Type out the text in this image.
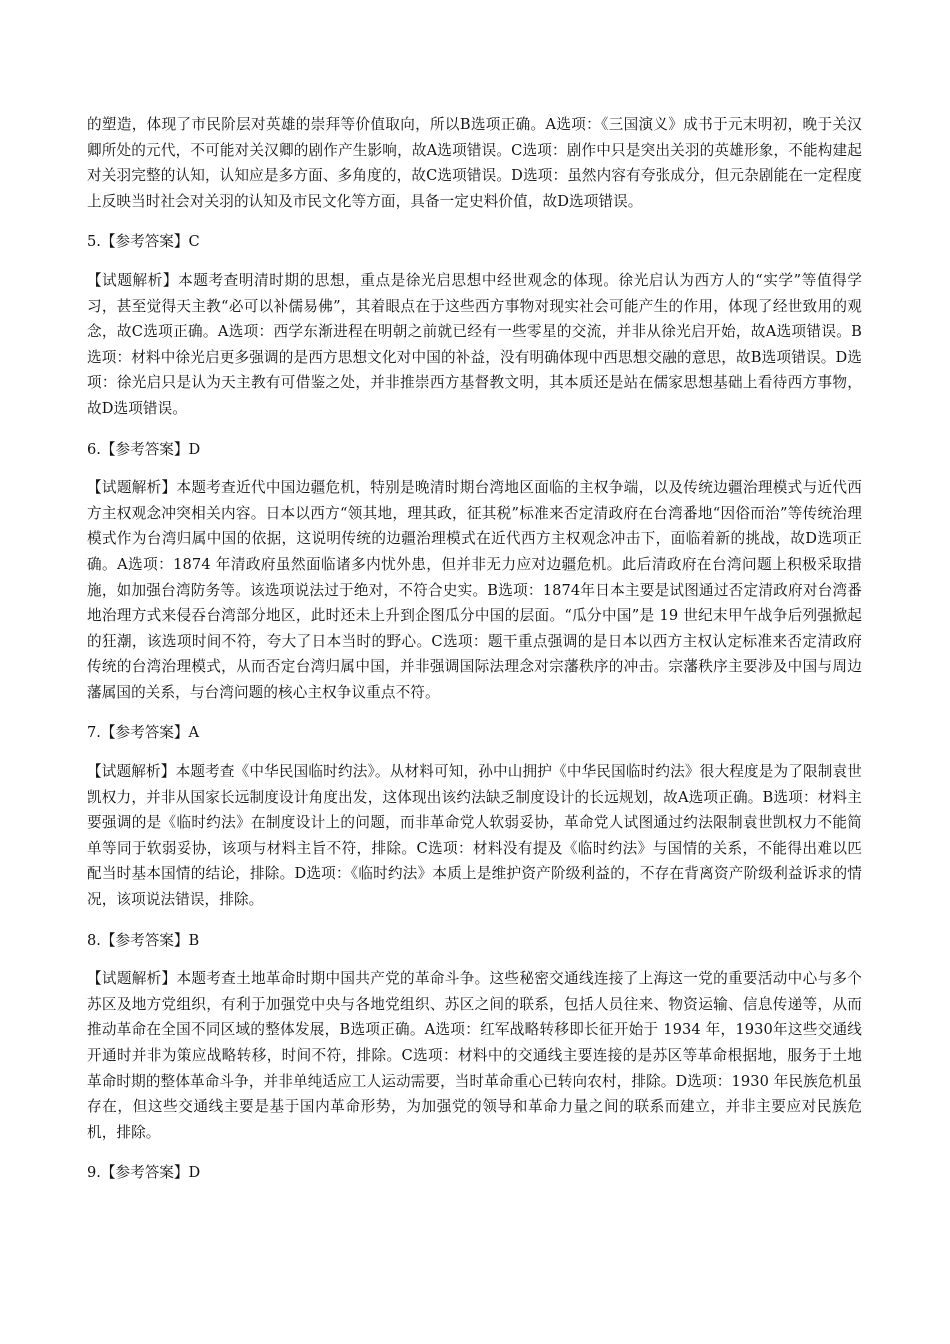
的塑造，体现了市民阶层对英雄的崇拜等价值取向，所以B选项正确。A选项：《三国演义》成书于元末明初，晚于关汉卿所处的元代，不可能对关汉卿的剧作产生影响，故A选项错误。C选项：剧作中只是突出关羽的英雄形象，不能构建起对关羽完整的认知，认知应是多方面、多角度的，故C选项错误。D选项：虽然内容有夸张成分，但元杂剧能在一定程度上反映当时社会对关羽的认知及市民文化等方面，具备一定史料价值，故D选项错误。

5.【参考答案】C

【试题解析】本题考查明清时期的思想，重点是徐光启思想中经世观念的体现。徐光启认为西方人的“实学”等值得学习，甚至觉得天主教“必可以补儒易佛”，其着眼点在于这些西方事物对现实社会可能产生的作用，体现了经世致用的观念，故C选项正确。A选项：西学东渐进程在明朝之前就已经有一些零星的交流，并非从徐光启开始，故A选项错误。B选项：材料中徐光启更多强调的是西方思想文化对中国的补益，没有明确体现中西思想交融的意思，故B选项错误。D选项：徐光启只是认为天主教有可借鉴之处，并非推崇西方基督教文明，其本质还是站在儒家思想基础上看待西方事物，故D选项错误。

6.【参考答案】D

【试题解析】本题考查近代中国边疆危机，特别是晚清时期台湾地区面临的主权争端，以及传统边疆治理模式与近代西方主权观念冲突相关内容。日本以西方“领其地，理其政，征其税”标准来否定清政府在台湾番地“因俗而治”等传统治理模式作为台湾归属中国的依据，这说明传统的边疆治理模式在近代西方主权观念冲击下，面临着新的挑战，故D选项正确。A选项：1874 年清政府虽然面临诸多内忧外患，但并非无力应对边疆危机。此后清政府在台湾问题上积极采取措施，如加强台湾防务等。该选项说法过于绝对，不符合史实。B选项：1874年日本主要是试图通过否定清政府对台湾番地治理方式来侵吞台湾部分地区，此时还未上升到企图瓜分中国的层面。“瓜分中国”是 19 世纪末甲午战争后列强掀起的狂潮，该选项时间不符，夸大了日本当时的野心。C选项：题干重点强调的是日本以西方主权认定标准来否定清政府传统的台湾治理模式，从而否定台湾归属中国，并非强调国际法理念对宗藩秩序的冲击。宗藩秩序主要涉及中国与周边藩属国的关系，与台湾问题的核心主权争议重点不符。

7.【参考答案】A

【试题解析】本题考查《中华民国临时约法》。从材料可知，孙中山拥护《中华民国临时约法》很大程度是为了限制袁世凯权力，并非从国家长远制度设计角度出发，这体现出该约法缺乏制度设计的长远规划，故A选项正确。B选项：材料主要强调的是《临时约法》在制度设计上的问题，而非革命党人软弱妥协，革命党人试图通过约法限制袁世凯权力不能简单等同于软弱妥协，该项与材料主旨不符，排除。C选项：材料没有提及《临时约法》与国情的关系，不能得出难以匹配当时基本国情的结论，排除。D选项：《临时约法》本质上是维护资产阶级利益的，不存在背离资产阶级利益诉求的情况，该项说法错误，排除。

8.【参考答案】B

【试题解析】本题考查土地革命时期中国共产党的革命斗争。这些秘密交通线连接了上海这一党的重要活动中心与多个苏区及地方党组织，有利于加强党中央与各地党组织、苏区之间的联系，包括人员往来、物资运输、信息传递等，从而推动革命在全国不同区域的整体发展，B选项正确。A选项：红军战略转移即长征开始于 1934 年，1930年这些交通线开通时并非为策应战略转移，时间不符，排除。C选项：材料中的交通线主要连接的是苏区等革命根据地，服务于土地革命时期的整体革命斗争，并非单纯适应工人运动需要，当时革命重心已转向农村，排除。D选项：1930 年民族危机虽存在，但这些交通线主要是基于国内革命形势，为加强党的领导和革命力量之间的联系而建立，并非主要应对民族危机，排除。

9.【参考答案】D
